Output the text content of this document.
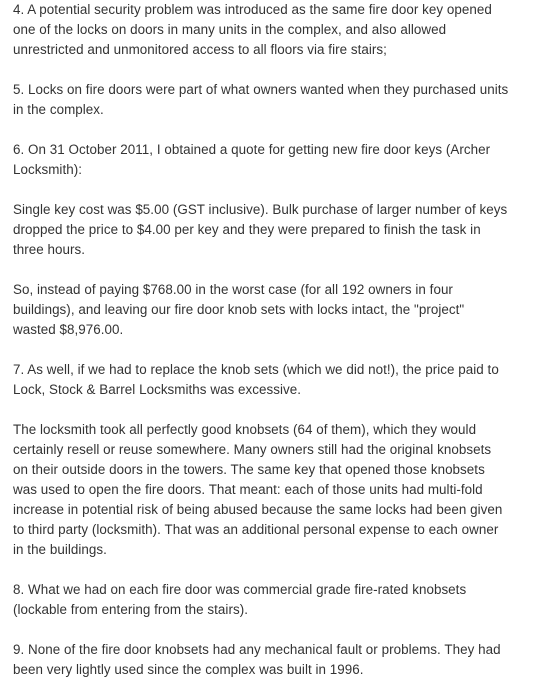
4. A potential security problem was introduced as the same fire door key opened
one of the locks on doors in many units in the complex, and also allowed
unrestricted and unmonitored access to all floors via fire stairs;

5. Locks on fire doors were part of what owners wanted when they purchased units
in the complex.

6. On 31 October 2011, I obtained a quote for getting new fire door keys (Archer
Locksmith):

Single key cost was $5.00 (GST inclusive). Bulk purchase of larger number of keys
dropped the price to $4.00 per key and they were prepared to finish the task in
three hours.

So, instead of paying $768.00 in the worst case (for all 192 owners in four
buildings), and leaving our fire door knob sets with locks intact, the "project"
wasted $8,976.00.

7. As well, if we had to replace the knob sets (which we did not!), the price paid to
Lock, Stock & Barrel Locksmiths was excessive.

The locksmith took all perfectly good knobsets (64 of them), which they would
certainly resell or reuse somewhere. Many owners still had the original knobsets
on their outside doors in the towers. The same key that opened those knobsets
was used to open the fire doors. That meant: each of those units had multi-fold
increase in potential risk of being abused because the same locks had been given
to third party (locksmith). That was an additional personal expense to each owner
in the buildings.

8. What we had on each fire door was commercial grade fire-rated knobsets
(lockable from entering from the stairs).

9. None of the fire door knobsets had any mechanical fault or problems. They had
been very lightly used since the complex was built in 1996.
